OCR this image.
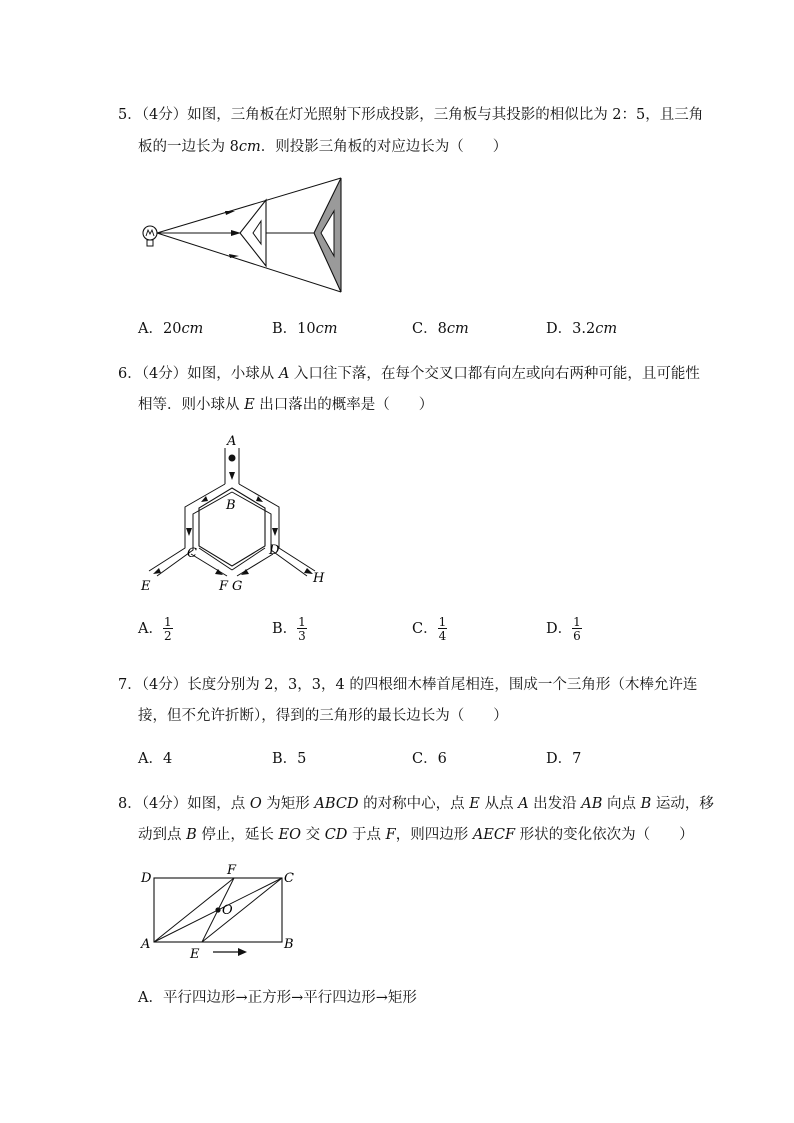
5．（4分）如图，三角板在灯光照射下形成投影，三角板与其投影的相似比为 2：5，且三角
板的一边长为 8cm．则投影三角板的对应边长为（　　）
A．20cm	B．10cm	C．8cm	D．3.2cm
6．（4分）如图，小球从 A 入口往下落，在每个交叉口都有向左或向右两种可能，且可能性
相等．则小球从 E 出口落出的概率是（　　）
A
B
C	D
E	F G
H
A． $\frac{1}{2}$	B． $\frac{1}{3}$	C． $\frac{1}{4}$	D． $\frac{1}{6}$
7．（4分）长度分别为 2，3，3，4 的四根细木棒首尾相连，围成一个三角形（木棒允许连
接，但不允许折断），得到的三角形的最长边长为（　　）
A．4	B．5	C．6	D．7
8．（4分）如图，点 O 为矩形 ABCD 的对称中心，点 E 从点 A 出发沿 AB 向点 B 运动，移
动到点 B 停止，延长 EO 交 CD 于点 F，则四边形 AECF 形状的变化依次为（　　）
D
F
C
O
A	B
E
A．平行四边形→正方形→平行四边形→矩形
